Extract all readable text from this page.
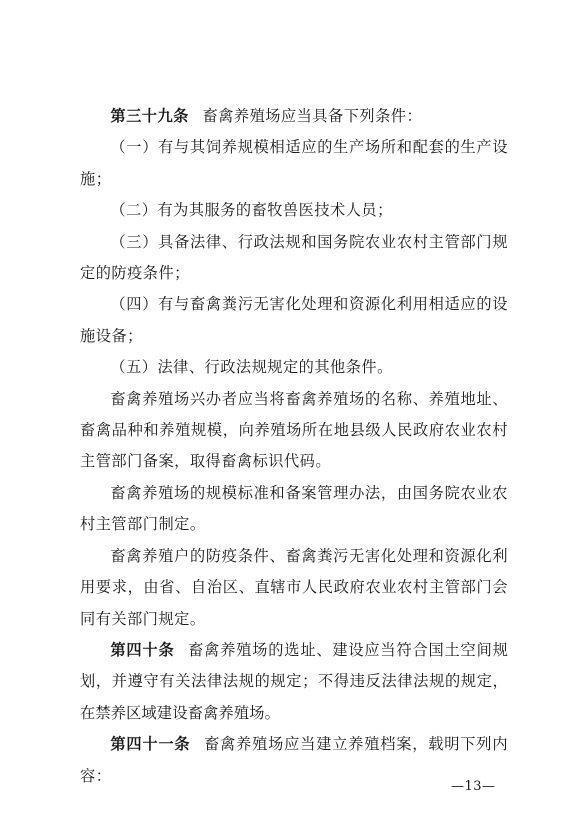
第三十九条 畜禽养殖场应当具备下列条件：

（一）有与其饲养规模相适应的生产场所和配套的生产设施；

（二）有为其服务的畜牧兽医技术人员；

（三）具备法律、行政法规和国务院农业农村主管部门规定的防疫条件；

（四）有与畜禽粪污无害化处理和资源化利用相适应的设施设备；

（五）法律、行政法规规定的其他条件。

畜禽养殖场兴办者应当将畜禽养殖场的名称、养殖地址、畜禽品种和养殖规模，向养殖场所在地县级人民政府农业农村主管部门备案，取得畜禽标识代码。

畜禽养殖场的规模标准和备案管理办法，由国务院农业农村主管部门制定。

畜禽养殖户的防疫条件、畜禽粪污无害化处理和资源化利用要求，由省、自治区、直辖市人民政府农业农村主管部门会同有关部门规定。

第四十条 畜禽养殖场的选址、建设应当符合国土空间规划，并遵守有关法律法规的规定；不得违反法律法规的规定，在禁养区域建设畜禽养殖场。

第四十一条 畜禽养殖场应当建立养殖档案，载明下列内容：

—13—
